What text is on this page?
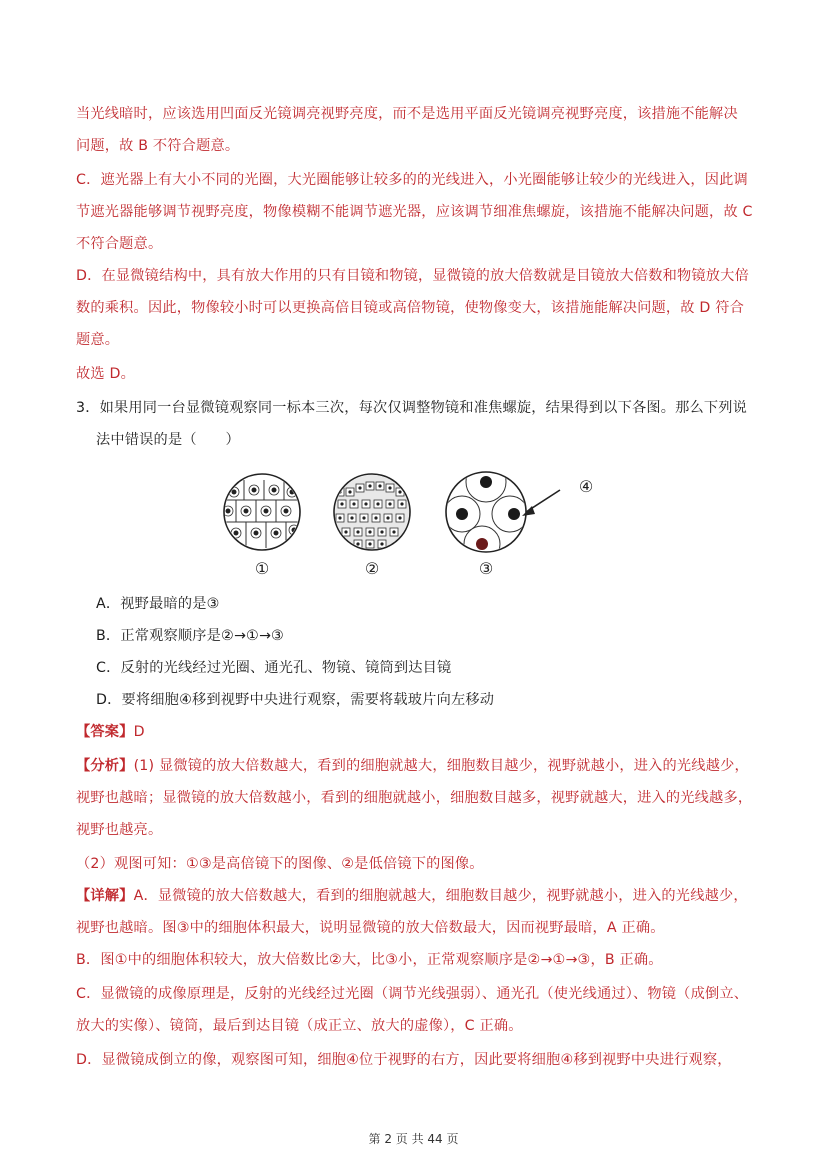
当光线暗时，应该选用凹面反光镜调亮视野亮度，而不是选用平面反光镜调亮视野亮度，该措施不能解决
问题，故 B 不符合题意。
C．遮光器上有大小不同的光圈，大光圈能够让较多的的光线进入，小光圈能够让较少的光线进入，因此调
节遮光器能够调节视野亮度，物像模糊不能调节遮光器，应该调节细准焦螺旋，该措施不能解决问题，故 C
不符合题意。
D．在显微镜结构中，具有放大作用的只有目镜和物镜，显微镜的放大倍数就是目镜放大倍数和物镜放大倍
数的乘积。因此，物像较小时可以更换高倍目镜或高倍物镜，使物像变大，该措施能解决问题，故 D 符合
题意。
故选 D。
3．如果用同一台显微镜观察同一标本三次，每次仅调整物镜和准焦螺旋，结果得到以下各图。那么下列说
法中错误的是（　　）
①	②	③
④
A．视野最暗的是③
B．正常观察顺序是②→①→③
C．反射的光线经过光圈、通光孔、物镜、镜筒到达目镜
D．要将细胞④移到视野中央进行观察，需要将载玻片向左移动
【答案】D
【分析】(1) 显微镜的放大倍数越大，看到的细胞就越大，细胞数目越少，视野就越小，进入的光线越少，
视野也越暗；显微镜的放大倍数越小，看到的细胞就越小，细胞数目越多，视野就越大，进入的光线越多，
视野也越亮。
（2）观图可知：①③是高倍镜下的图像、②是低倍镜下的图像。
【详解】A．显微镜的放大倍数越大，看到的细胞就越大，细胞数目越少，视野就越小，进入的光线越少，
视野也越暗。图③中的细胞体积最大，说明显微镜的放大倍数最大，因而视野最暗，A 正确。
B．图①中的细胞体积较大，放大倍数比②大，比③小，正常观察顺序是②→①→③，B 正确。
C．显微镜的成像原理是，反射的光线经过光圈（调节光线强弱）、通光孔（使光线通过）、物镜（成倒立、
放大的实像）、镜筒，最后到达目镜（成正立、放大的虚像），C 正确。
D．显微镜成倒立的像，观察图可知，细胞④位于视野的右方，因此要将细胞④移到视野中央进行观察，
第 2 页 共 44 页
